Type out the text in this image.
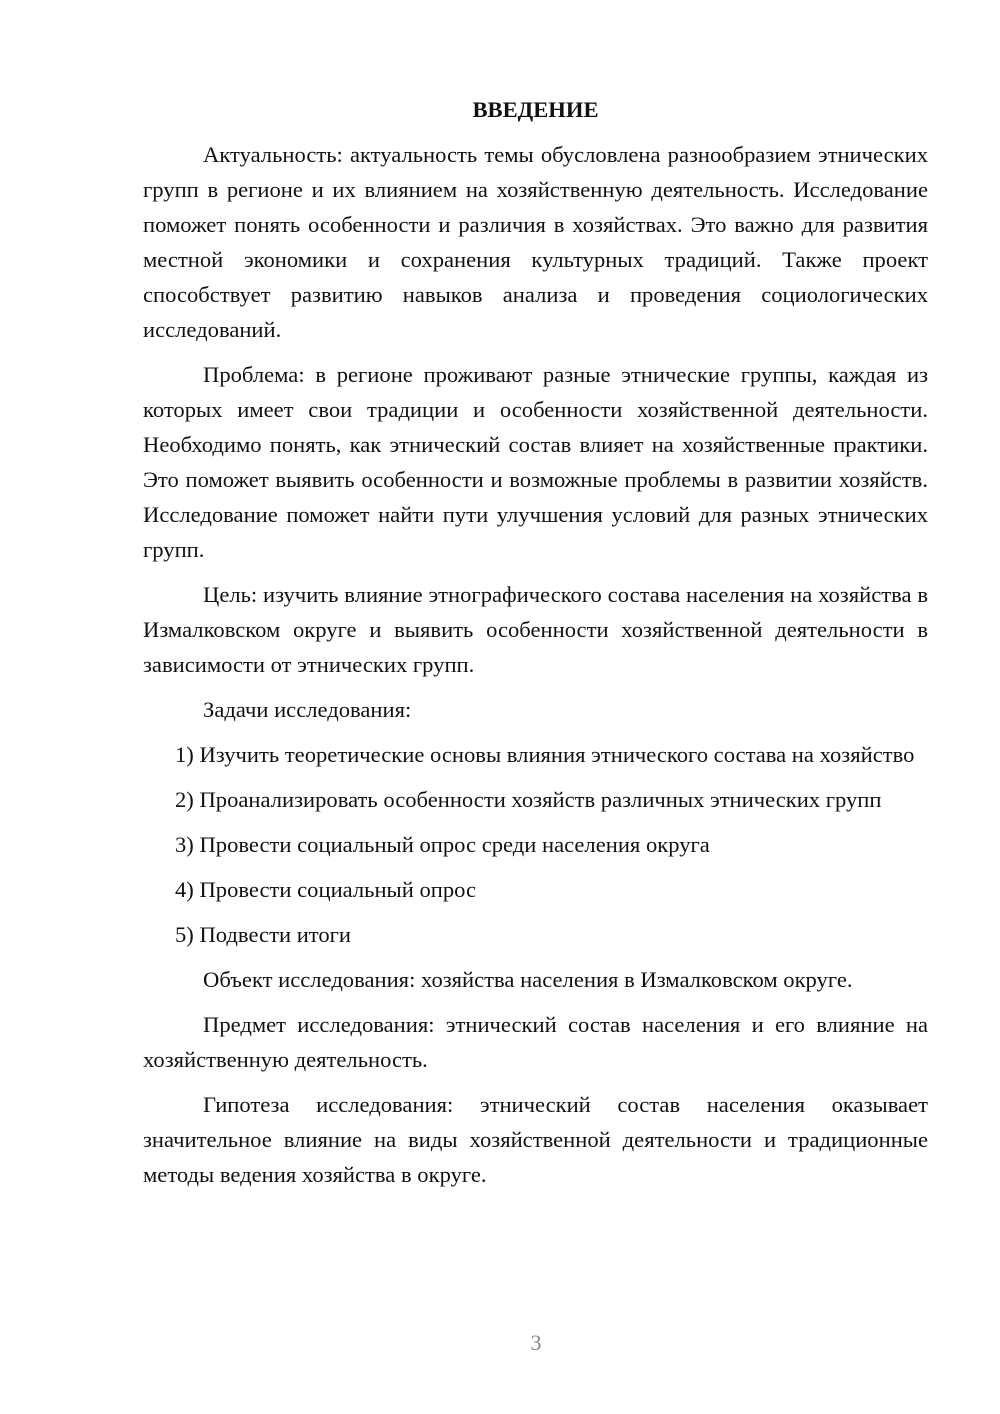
ВВЕДЕНИЕ

Актуальность: актуальность темы обусловлена разнообразием этнических групп в регионе и их влиянием на хозяйственную деятельность. Исследование поможет понять особенности и различия в хозяйствах. Это важно для развития местной экономики и сохранения культурных традиций. Также проект способствует развитию навыков анализа и проведения социологических исследований.

Проблема: в регионе проживают разные этнические группы, каждая из которых имеет свои традиции и особенности хозяйственной деятельности. Необходимо понять, как этнический состав влияет на хозяйственные практики. Это поможет выявить особенности и возможные проблемы в развитии хозяйств. Исследование поможет найти пути улучшения условий для разных этнических групп.

Цель: изучить влияние этнографического состава населения на хозяйства в Измалковском округе и выявить особенности хозяйственной деятельности в зависимости от этнических групп.

Задачи исследования:

1) Изучить теоретические основы влияния этнического состава на хозяйство

2) Проанализировать особенности хозяйств различных этнических групп

3) Провести социальный опрос среди населения округа

4) Провести социальный опрос

5) Подвести итоги

Объект исследования: хозяйства населения в Измалковском округе.

Предмет исследования: этнический состав населения и его влияние на хозяйственную деятельность.

Гипотеза исследования: этнический состав населения оказывает значительное влияние на виды хозяйственной деятельности и традиционные методы ведения хозяйства в округе.

3
